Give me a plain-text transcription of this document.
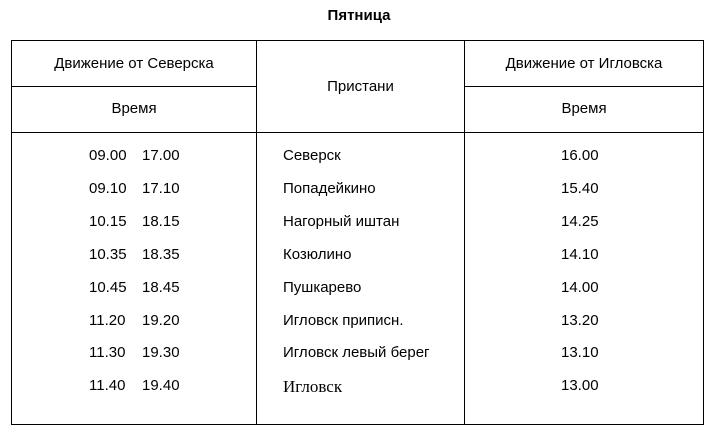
Пятница
Движение от Северска
Время
Пристани
Движение от Игловска
Время
09.00 17.00	Северск	16.00
09.10 17.10	Попадейкино	15.40
10.15 18.15	Нагорный иштан	14.25
10.35 18.35	Козюлино	14.10
10.45 18.45	Пушкарево	14.00
11.20 19.20	Игловск приписн.	13.20
11.30 19.30	Игловск левый берег	13.10
11.40 19.40	Игловск	13.00
